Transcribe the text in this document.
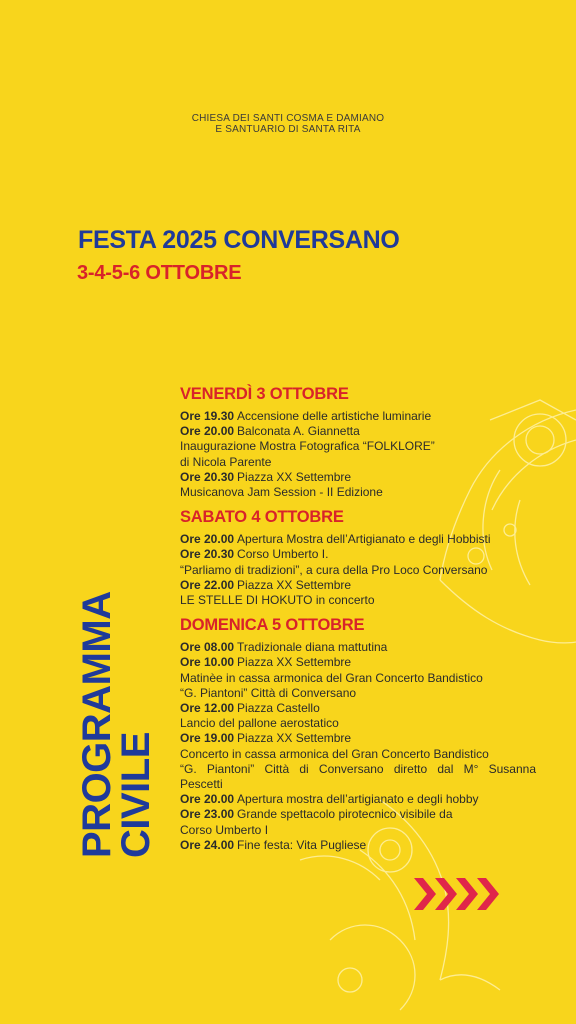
CHIESA DEI SANTI COSMA E DAMIANO
E SANTUARIO DI SANTA RITA
FESTA 2025 CONVERSANO
3-4-5-6 OTTOBRE
PROGRAMMA
CIVILE
VENERDÌ 3 OTTOBRE

Ore 19.30 Accensione delle artistiche luminarie

Ore 20.00 Balconata A. Giannetta

Inaugurazione Mostra Fotografica “FOLKLORE”

di Nicola Parente

Ore 20.30 Piazza XX Settembre

Musicanova Jam Session - II Edizione

SABATO 4 OTTOBRE

Ore 20.00 Apertura Mostra dell’Artigianato e degli Hobbisti

Ore 20.30 Corso Umberto I.

“Parliamo di tradizioni”, a cura della Pro Loco Conversano

Ore 22.00 Piazza XX Settembre

LE STELLE DI HOKUTO in concerto

DOMENICA 5 OTTOBRE

Ore 08.00 Tradizionale diana mattutina

Ore 10.00 Piazza XX Settembre

Matinèe in cassa armonica del Gran Concerto Bandistico

“G. Piantoni” Città di Conversano

Ore 12.00 Piazza Castello

Lancio del pallone aerostatico

Ore 19.00 Piazza XX Settembre

Concerto in cassa armonica del Gran Concerto Bandistico

“G. Piantoni” Città di Conversano diretto dal M° Susanna

Pescetti

Ore 20.00 Apertura mostra dell’artigianato e degli hobby

Ore 23.00 Grande spettacolo pirotecnico visibile da

Corso Umberto I

Ore 24.00 Fine festa: Vita Pugliese
